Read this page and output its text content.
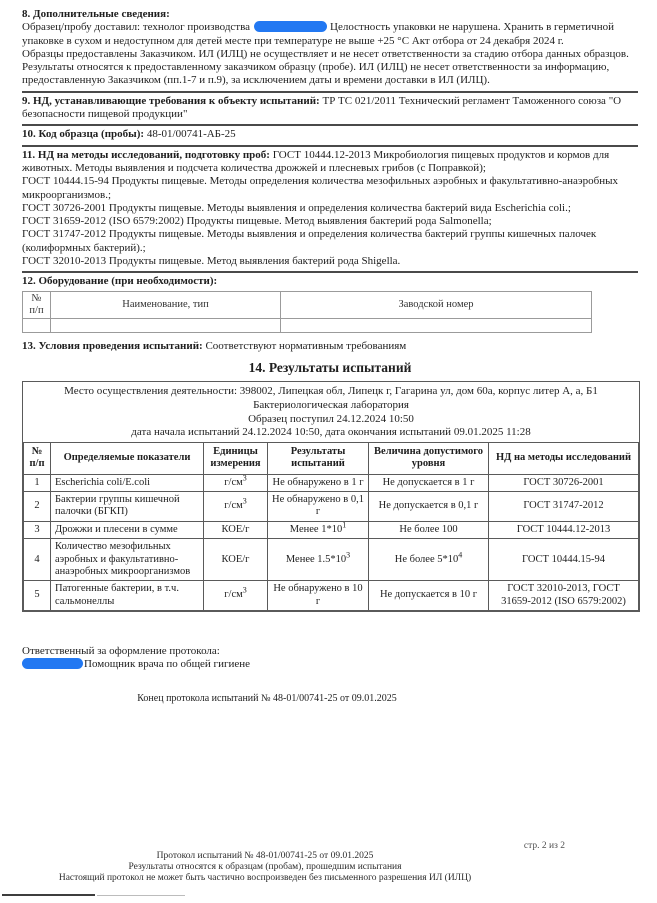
8. Дополнительные сведения:
Образец/пробу доставил: технолог производства	Целостность упаковки не нарушена. Хранить в герметичной упаковке в сухом и недоступном для детей месте при температуре не выше +25 °C Акт отбора от 24 декабря 2024 г.
Образцы предоставлены Заказчиком. ИЛ (ИЛЦ) не осуществляет и не несет ответственности за стадию отбора данных образцов. Результаты относятся к предоставленному заказчиком образцу (пробе). ИЛ (ИЛЦ) не несет ответственности за информацию, предоставленную Заказчиком (пп.1-7 и п.9), за исключением даты и времени доставки в ИЛ (ИЛЦ).
9. НД, устанавливающие требования к объекту испытаний: ТР ТС 021/2011 Технический регламент Таможенного союза "О безопасности пищевой продукции"
10. Код образца (пробы): 48-01/00741-АБ-25
11. НД на методы исследований, подготовку проб: ГОСТ 10444.12-2013 Микробиология пищевых продуктов и кормов для животных. Методы выявления и подсчета количества дрожжей и плесневых грибов (с Поправкой);
ГОСТ 10444.15-94 Продукты пищевые. Методы определения количества мезофильных аэробных и факультативно-анаэробных микроорганизмов.;
ГОСТ 30726-2001 Продукты пищевые. Методы выявления и определения количества бактерий вида Escherichia coli.;
ГОСТ 31659-2012 (ISO 6579:2002) Продукты пищевые. Метод выявления бактерий рода Salmonella;
ГОСТ 31747-2012 Продукты пищевые. Методы выявления и определения количества бактерий группы кишечных палочек (колиформных бактерий).;
ГОСТ 32010-2013 Продукты пищевые. Метод выявления бактерий рода Shigella.
12. Оборудование (при необходимости):
№ п/п	Наименование, тип	Заводской номер

13. Условия проведения испытаний: Соответствуют нормативным требованиям
14. Результаты испытаний
Место осуществления деятельности: 398002, Липецкая обл, Липецк г, Гагарина ул, дом 60а, корпус литер А, а, Б1
Бактериологическая лаборатория
Образец поступил 24.12.2024 10:50
дата начала испытаний 24.12.2024 10:50, дата окончания испытаний 09.01.2025 11:28
№ п/п	Определяемые показатели	Единицы измерения	Результаты испытаний	Величина допустимого уровня	НД на методы исследований
1	Escherichia coli/E.coli	$г/см^3$	Не обнаружено в 1 г	Не допускается в 1 г	ГОСТ 30726-2001
2	Бактерии группы кишечной палочки (БГКП)	$г/см^3$	Не обнаружено в 0,1 г	Не допускается в 0,1 г	ГОСТ 31747-2012
3	Дрожжи и плесени в сумме	КОЕ/г	Менее $1*10^1$	Не более 100	ГОСТ 10444.12-2013
4	Количество мезофильных аэробных и факультативно-анаэробных микроорганизмов	КОЕ/г	Менее $1.5*10^3$	Не более $5*10^4$	ГОСТ 10444.15-94
5	Патогенные бактерии, в т.ч. сальмонеллы	$г/см^3$	Не обнаружено в 10 г	Не допускается в 10 г	ГОСТ 32010-2013, ГОСТ 31659-2012 (ISO 6579:2002)
Ответственный за оформление протокола:
Помощник врача по общей гигиене
Конец протокола испытаний № 48-01/00741-25 от 09.01.2025
стр. 2 из 2
Протокол испытаний № 48-01/00741-25 от 09.01.2025
Результаты относятся к образцам (пробам), прошедшим испытания
Настоящий протокол не может быть частично воспроизведен без письменного разрешения ИЛ (ИЛЦ)
